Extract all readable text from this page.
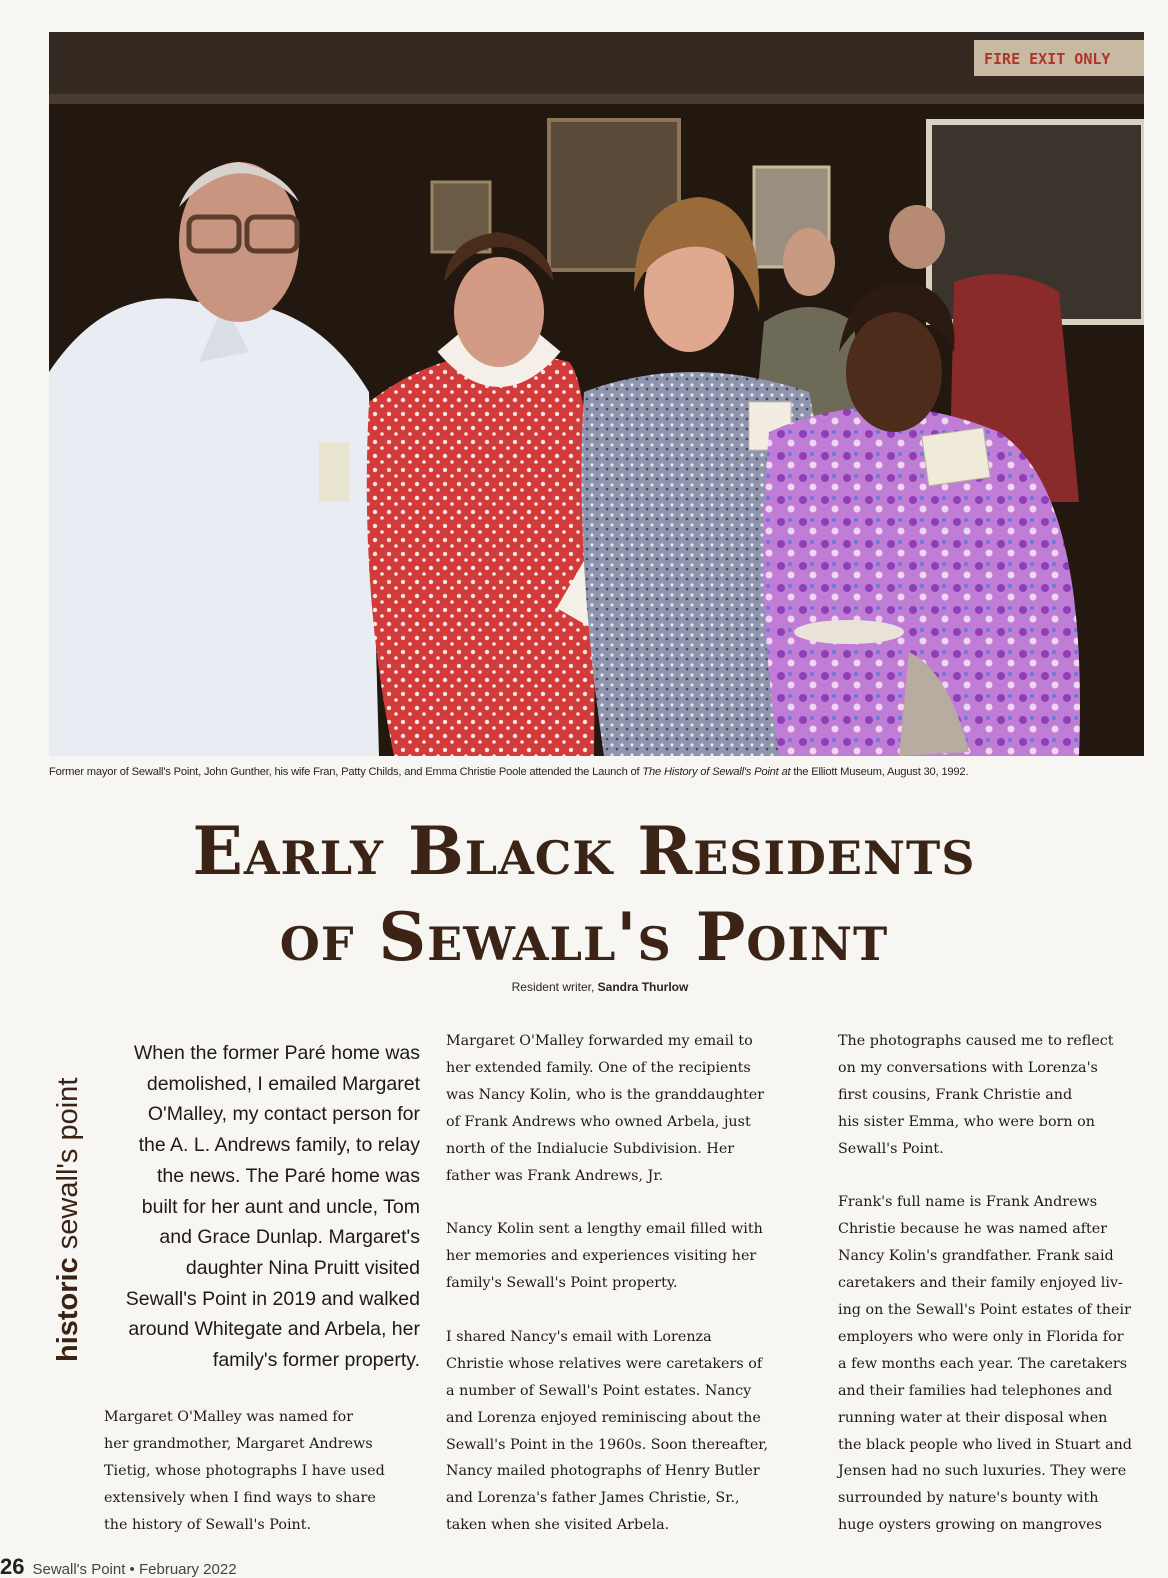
FIRE EXIT ONLY
Former mayor of Sewall's Point, John Gunther, his wife Fran, Patty Childs, and Emma Christie Poole attended the Launch of The History of Sewall's Point at the Elliott Museum, August 30, 1992.
Early Black Residents
of Sewall's Point
Resident writer, Sandra Thurlow
historic sewall's point
When the former Paré home was
demolished, I emailed Margaret
O'Malley, my contact person for
the A. L. Andrews family, to relay
the news. The Paré home was
built for her aunt and uncle, Tom
and Grace Dunlap. Margaret's
daughter Nina Pruitt visited
Sewall's Point in 2019 and walked
around Whitegate and Arbela, her
family's former property.
Margaret O'Malley was named for
her grandmother, Margaret Andrews
Tietig, whose photographs I have used
extensively when I find ways to share
the history of Sewall's Point.
Margaret O'Malley forwarded my email to
her extended family. One of the recipients
was Nancy Kolin, who is the granddaughter
of Frank Andrews who owned Arbela, just
north of the Indialucie Subdivision. Her
father was Frank Andrews, Jr.
Nancy Kolin sent a lengthy email filled with
her memories and experiences visiting her
family's Sewall's Point property.
I shared Nancy's email with Lorenza
Christie whose relatives were caretakers of
a number of Sewall's Point estates. Nancy
and Lorenza enjoyed reminiscing about the
Sewall's Point in the 1960s. Soon thereafter,
Nancy mailed photographs of Henry Butler
and Lorenza's father James Christie, Sr.,
taken when she visited Arbela.
The photographs caused me to reflect
on my conversations with Lorenza's
first cousins, Frank Christie and
his sister Emma, who were born on
Sewall's Point.
Frank's full name is Frank Andrews
Christie because he was named after
Nancy Kolin's grandfather. Frank said
caretakers and their family enjoyed liv-
ing on the Sewall's Point estates of their
employers who were only in Florida for
a few months each year. The caretakers
and their families had telephones and
running water at their disposal when
the black people who lived in Stuart and
Jensen had no such luxuries. They were
surrounded by nature's bounty with
huge oysters growing on mangroves
26 Sewall's Point • February 2022
